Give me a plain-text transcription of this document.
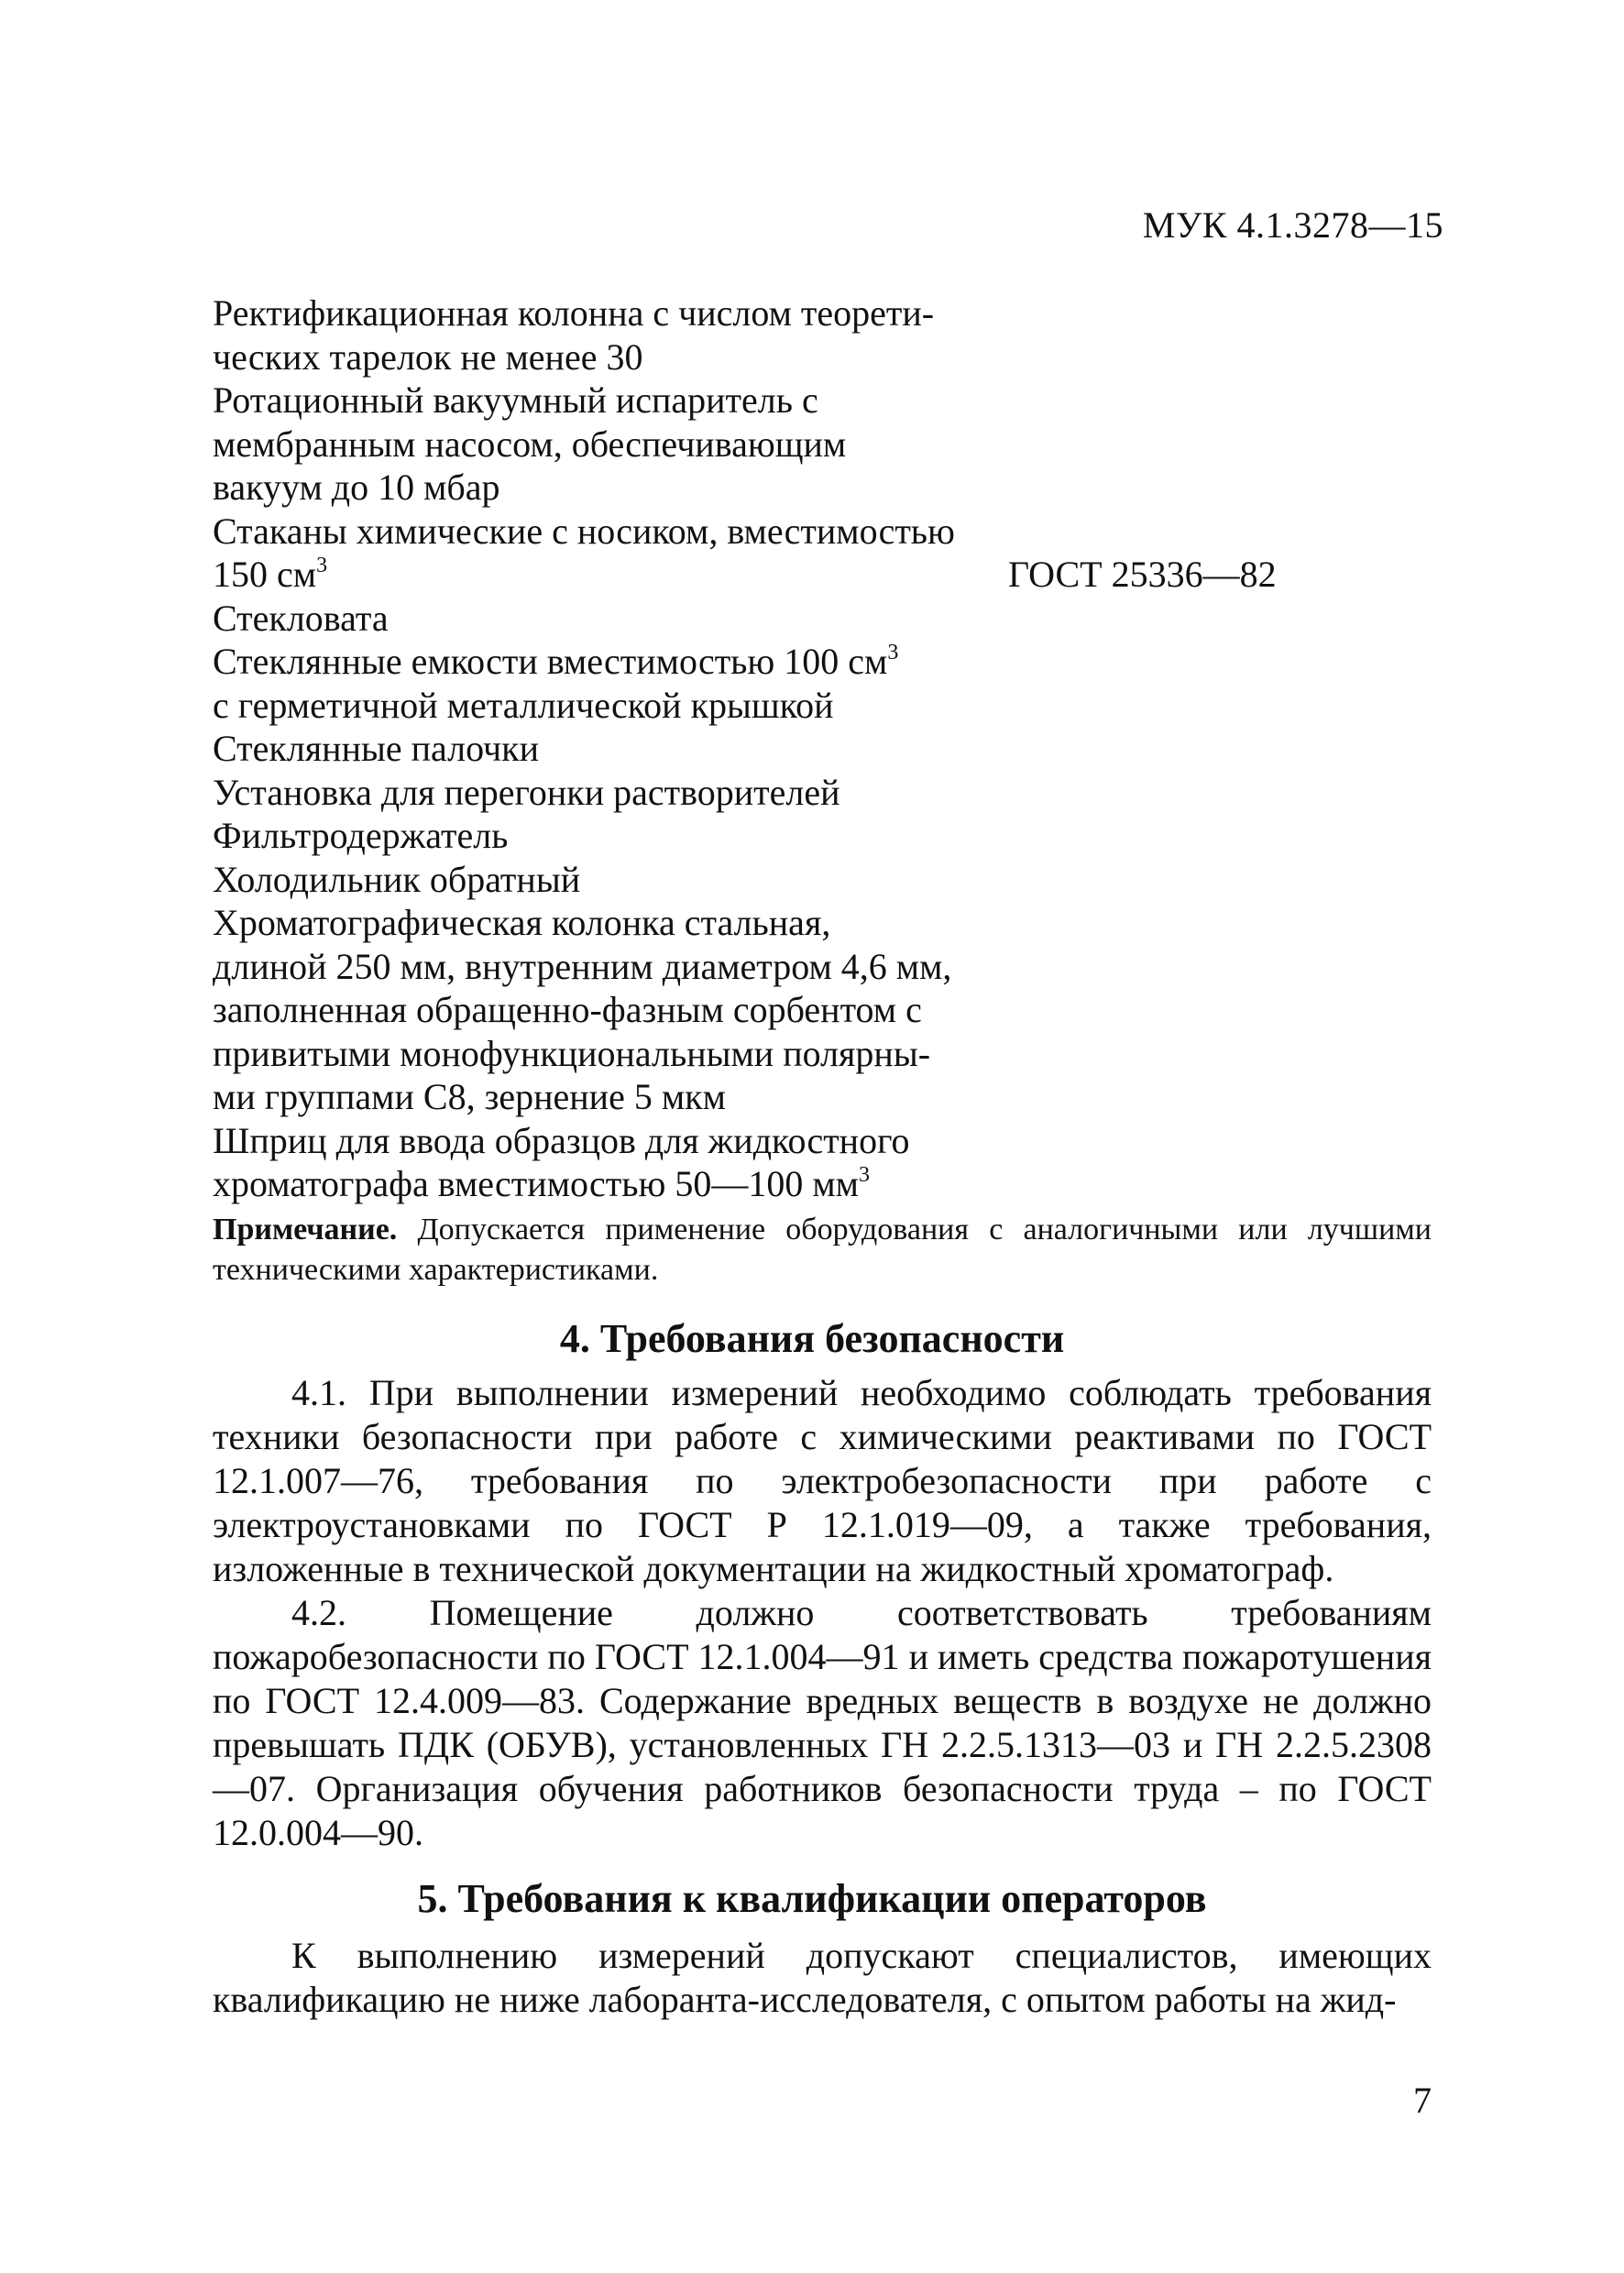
МУК 4.1.3278—15
Ректификационная колонна с числом теорети-
ческих тарелок не менее 30
Ротационный вакуумный испаритель с
мембранным насосом, обеспечивающим
вакуум до 10 мбар
Стаканы химические с носиком, вместимостью
150 $см^3$	ГОСТ 25336—82
Стекловата
Стеклянные емкости вместимостью 100 $см^3$
с герметичной металлической крышкой
Стеклянные палочки
Установка для перегонки растворителей
Фильтродержатель
Холодильник обратный
Хроматографическая колонка стальная,
длиной 250 мм, внутренним диаметром 4,6 мм,
заполненная обращенно-фазным сорбентом с
привитыми монофункциональными полярны-
ми группами С8, зернение 5 мкм
Шприц для ввода образцов для жидкостного
хроматографа вместимостью 50—100 $мм^3$
Примечание. Допускается применение оборудования с аналогичными или лучшими техническими характеристиками.
4. Требования безопасности
4.1. При выполнении измерений необходимо соблюдать требования техники безопасности при работе с химическими реактивами по ГОСТ 12.1.007—76, требования по электробезопасности при работе с электроустановками по ГОСТ Р 12.1.019—09, а также требования, изложенные в технической документации на жидкостный хроматограф.
4.2. Помещение должно соответствовать требованиям пожаробезопасности по ГОСТ 12.1.004—91 и иметь средства пожаротушения по ГОСТ 12.4.009—83. Содержание вредных веществ в воздухе не должно превышать ПДК (ОБУВ), установленных ГН 2.2.5.1313—03 и ГН 2.2.5.2308—07. Организация обучения работников безопасности труда – по ГОСТ 12.0.004—90.
5. Требования к квалификации операторов
К выполнению измерений допускают специалистов, имеющих квалификацию не ниже лаборанта-исследователя, с опытом работы на жид-
7
